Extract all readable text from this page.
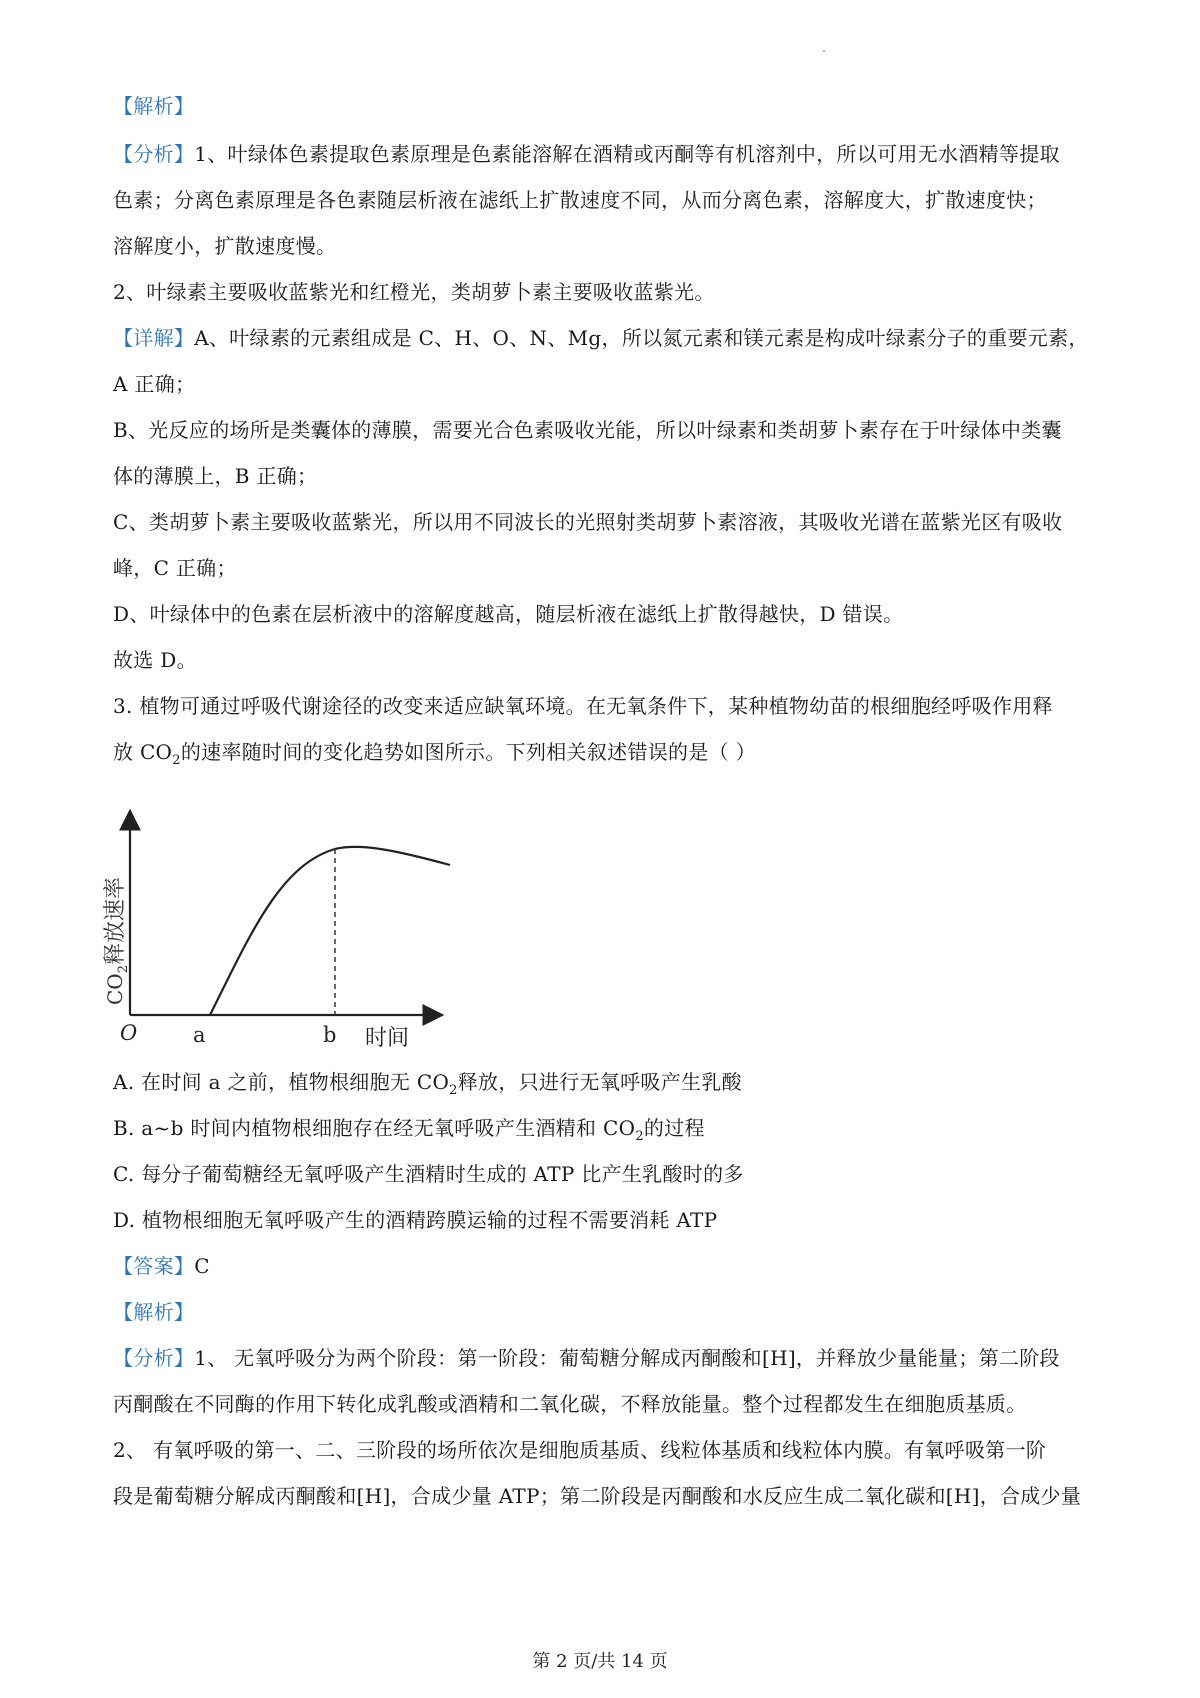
【解析】
【分析】1、叶绿体色素提取色素原理是色素能溶解在酒精或丙酮等有机溶剂中，所以可用无水酒精等提取
色素；分离色素原理是各色素随层析液在滤纸上扩散速度不同，从而分离色素，溶解度大，扩散速度快；
溶解度小，扩散速度慢。
2、叶绿素主要吸收蓝紫光和红橙光，类胡萝卜素主要吸收蓝紫光。
【详解】A、叶绿素的元素组成是 C、H、O、N、Mg，所以氮元素和镁元素是构成叶绿素分子的重要元素，
A 正确；
B、光反应的场所是类囊体的薄膜，需要光合色素吸收光能，所以叶绿素和类胡萝卜素存在于叶绿体中类囊
体的薄膜上，B 正确；
C、类胡萝卜素主要吸收蓝紫光，所以用不同波长的光照射类胡萝卜素溶液，其吸收光谱在蓝紫光区有吸收
峰，C 正确；
D、叶绿体中的色素在层析液中的溶解度越高，随层析液在滤纸上扩散得越快，D 错误。
故选 D。
3. 植物可通过呼吸代谢途径的改变来适应缺氧环境。在无氧条件下，某种植物幼苗的根细胞经呼吸作用释
放 $CO_2$的速率随时间的变化趋势如图所示。下列相关叙述错误的是（ ）
O	a	b 时间
$CO_2$释放速率
A. 在时间 a 之前，植物根细胞无 $CO_2$释放，只进行无氧呼吸产生乳酸
B. a~b 时间内植物根细胞存在经无氧呼吸产生酒精和 $CO_2$的过程
C. 每分子葡萄糖经无氧呼吸产生酒精时生成的 ATP 比产生乳酸时的多
D. 植物根细胞无氧呼吸产生的酒精跨膜运输的过程不需要消耗 ATP
【答案】C
【解析】
【分析】1、 无氧呼吸分为两个阶段：第一阶段：葡萄糖分解成丙酮酸和[H]，并释放少量能量；第二阶段
丙酮酸在不同酶的作用下转化成乳酸或酒精和二氧化碳，不释放能量。整个过程都发生在细胞质基质。
2、 有氧呼吸的第一、二、三阶段的场所依次是细胞质基质、线粒体基质和线粒体内膜。有氧呼吸第一阶
段是葡萄糖分解成丙酮酸和[H]，合成少量 ATP；第二阶段是丙酮酸和水反应生成二氧化碳和[H]，合成少量
第 2 页/共 14 页
